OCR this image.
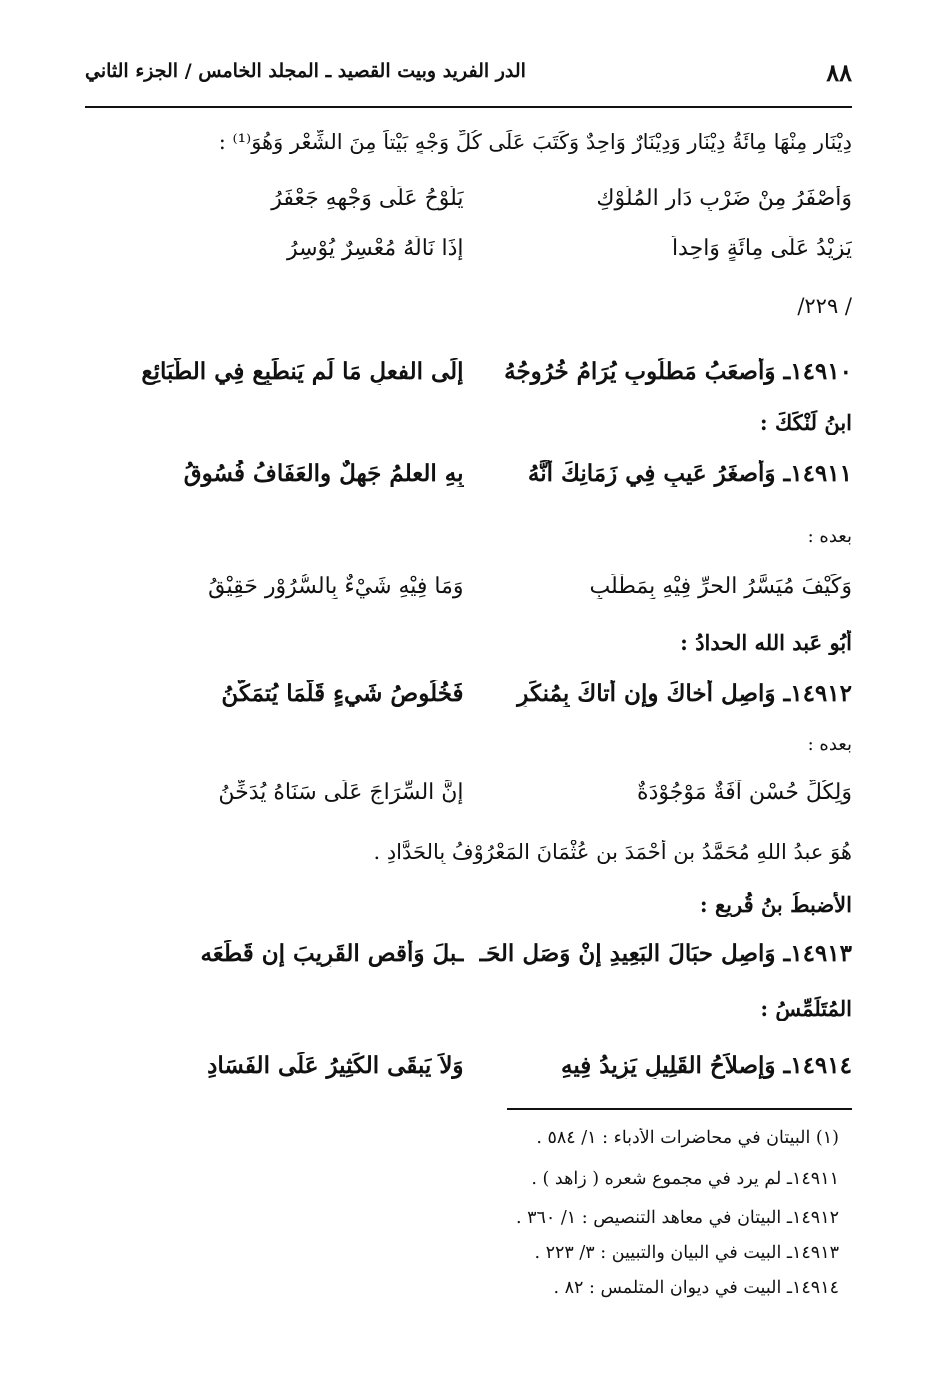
٨٨
الدر الفريد وبيت القصيد ـ المجلد الخامس / الجزء الثاني
دِيْنَارٍ مِنْهَا مِائَةُ دِيْنَارٍ وَدِيْنَارٌ وَاحِدٌ وَكَتَبَ عَلَى كُلِّ وَجْهٍ بَيْتاً مِنَ الشِّعْرِ وَهُوَ⁽¹⁾ :
وَأَصْفَرُ مِنْ ضَرْبِ دَارِ المُلُوْكِ
يَلُوْحُ عَلَى وَجْهِهِ جَعْفَرُ
يَزِيْدُ عَلَى مِائَةٍ وَاحِداً
إِذَا نَالَهُ مُعْسِرٌ يُوْسِرُ
/ ٢٢٩/
١٤٩١٠ـ وَأَصعَبُ مَطلُوبٍ يُرَامُ خُرُوجُهُ
إِلَى الفعلِ مَا لَم يَنطَبِع فِي الطَّبَائِع
ابنُ لَنْكَكَ :
١٤٩١١ـ وَأَصغَرُ عَيبٍ فِي زَمَانِكَ أَنَّهُ
بِهِ العلمُ جَهلٌ والعَفَافُ فُسُوقُ
بعده :
وَكَيْفَ مُيَسَّرُ الحرِّ فِيْهِ بِمَطْلَبٍ
وَمَا فِيْهِ شَيْءٌ بِالسُّرُوْرِ حَقِيْقُ
أَبُو عَبد الله الحدادُ :
١٤٩١٢ـ وَاصِل أَخاكَ وإِن أَتاكَ بِمُنكَرٍ
فَخُلُوصُ شَيءٍ قَلَّمَا يُتمَكَّنُ
بعده :
وَلِكُلِّ حُسْنٍ آفَةٌ مَوْجُوْدَةٌ
إِنَّ السِّرَاجَ عَلَى سَنَاهُ يُدَخِّنُ
هُوَ عبدُ اللهِ مُحَمَّدُ بنِ أَحْمَدَ بن عُثْمَانَ المَعْرُوْفُ بِالحَدَّادِ .
الأَضبطُ بنُ قُرِيعٍ :
١٤٩١٣ـ وَاصِل حبَالَ البَعِيدِ إنْ وَصَل الحَـ
ـبلَ وَأَقصِ القَرِيبَ إن قَطَعَه
المُتَلَمِّسُ :
١٤٩١٤ـ وَإِصلاَحُ القَلِيلِ يَزِيدُ فِيهِ
وَلاَ يَبقَى الكَثِيرُ عَلَى الفَسَادِ
(١) البيتان في محاضرات الأدباء : ١/ ٥٨٤ .
١٤٩١١ـ لم يرد في مجموع شعره ( زاهد ) .
١٤٩١٢ـ البيتان في معاهد التنصيص : ١/ ٣٦٠ .
١٤٩١٣ـ البيت في البيان والتبيين : ٣/ ٢٢٣ .
١٤٩١٤ـ البيت في ديوان المتلمس : ٨٢ .
